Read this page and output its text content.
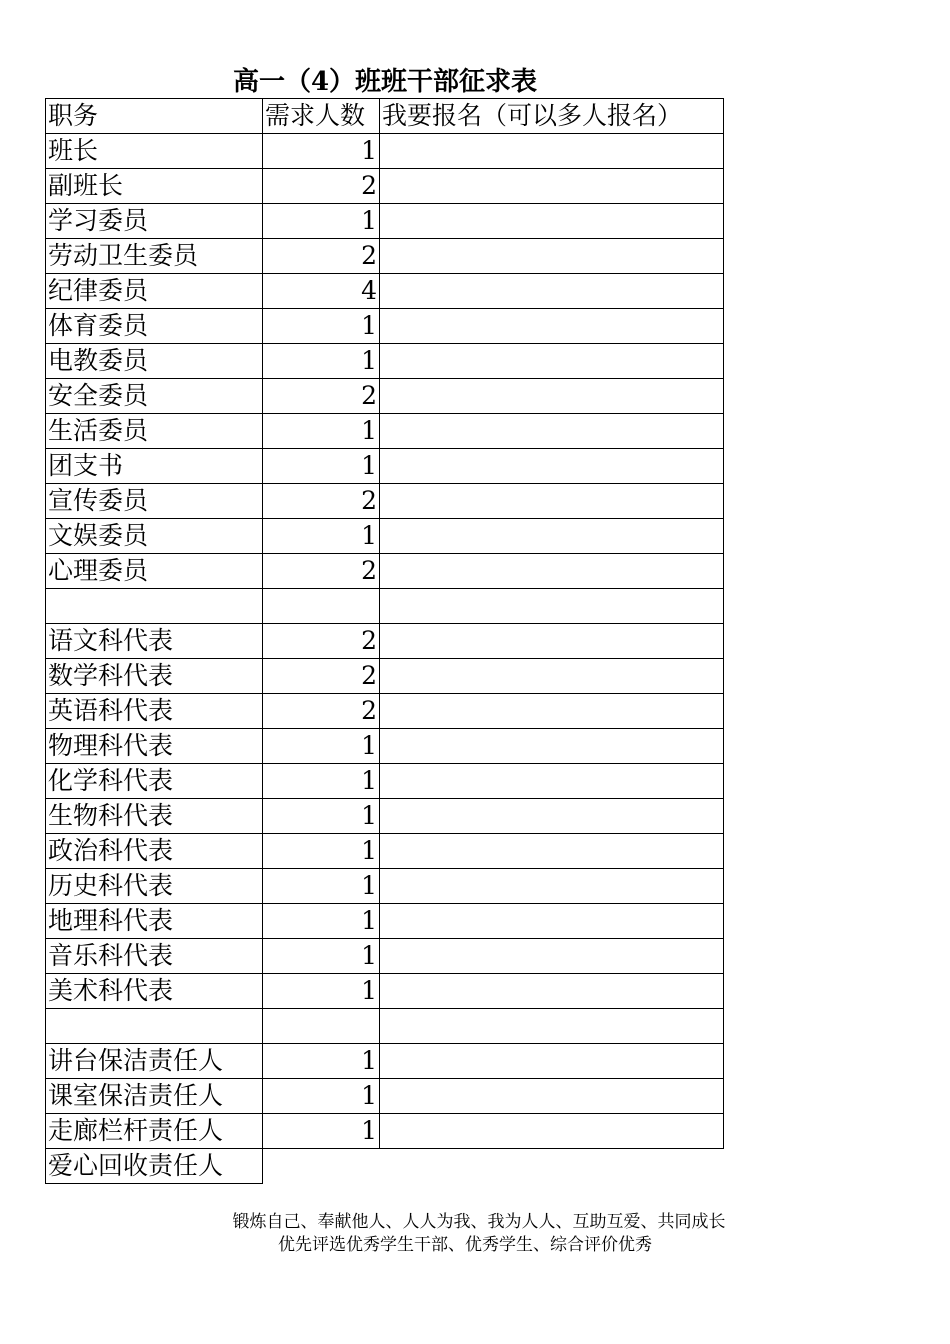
高一（4）班班干部征求表
职务	需求人数	我要报名（可以多人报名）
班长	1	
副班长	2	
学习委员	1	
劳动卫生委员	2	
纪律委员	4	
体育委员	1	
电教委员	1	
安全委员	2	
生活委员	1	
团支书	1	
宣传委员	2	
文娱委员	1	
心理委员	2	

语文科代表	2	
数学科代表	2	
英语科代表	2	
物理科代表	1	
化学科代表	1	
生物科代表	1	
政治科代表	1	
历史科代表	1	
地理科代表	1	
音乐科代表	1	
美术科代表	1	

讲台保洁责任人	1	
课室保洁责任人	1	
走廊栏杆责任人	1	
爱心回收责任人		
锻炼自己、奉献他人、人人为我、我为人人、互助互爱、共同成长
优先评选优秀学生干部、优秀学生、综合评价优秀
